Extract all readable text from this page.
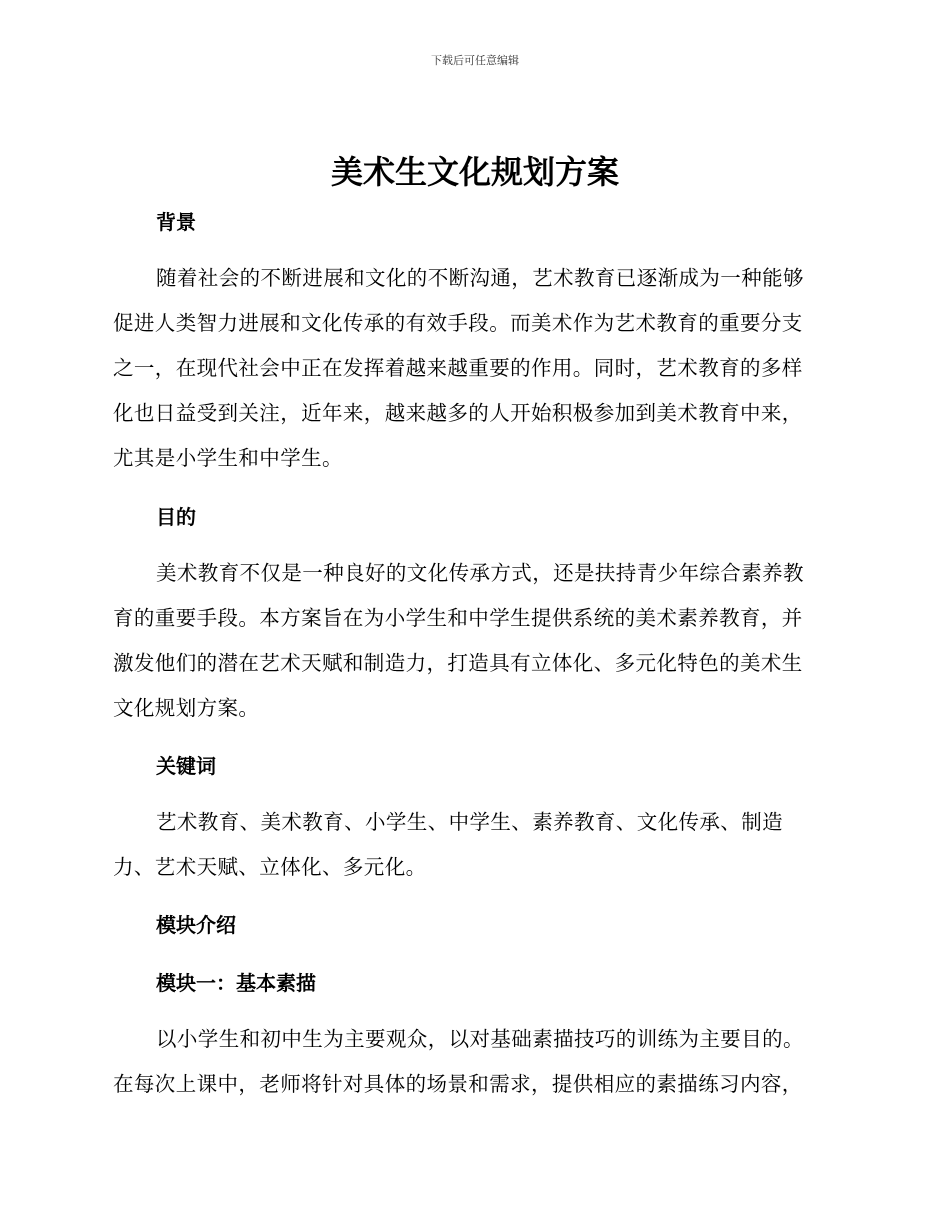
下载后可任意编辑
美术生文化规划方案
背景
随着社会的不断进展和文化的不断沟通，艺术教育已逐渐成为一种能够
促进人类智力进展和文化传承的有效手段。而美术作为艺术教育的重要分支
之一，在现代社会中正在发挥着越来越重要的作用。同时，艺术教育的多样
化也日益受到关注，近年来，越来越多的人开始积极参加到美术教育中来，
尤其是小学生和中学生。
目的
美术教育不仅是一种良好的文化传承方式，还是扶持青少年综合素养教
育的重要手段。本方案旨在为小学生和中学生提供系统的美术素养教育，并
激发他们的潜在艺术天赋和制造力，打造具有立体化、多元化特色的美术生
文化规划方案。
关键词
艺术教育、美术教育、小学生、中学生、素养教育、文化传承、制造
力、艺术天赋、立体化、多元化。
模块介绍
模块一：基本素描
以小学生和初中生为主要观众，以对基础素描技巧的训练为主要目的。
在每次上课中，老师将针对具体的场景和需求，提供相应的素描练习内容，
